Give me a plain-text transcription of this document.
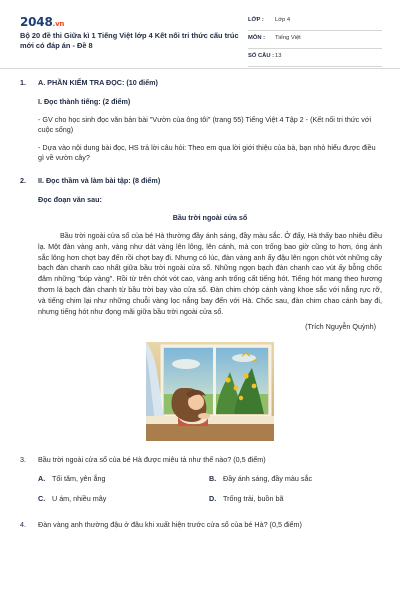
2048.vn
Bộ 20 đề thi Giữa kì 1 Tiếng Việt lớp 4 Kết nối tri thức cấu trúc mới có đáp án - Đề 8
LỚP :	Lớp 4
MÔN :	Tiếng Việt
SỐ CÂU : 13
1.	A. PHẦN KIỂM TRA ĐỌC: (10 điểm)
I. Đọc thành tiếng: (2 điểm)
- GV cho học sinh đọc văn bản bài "Vườn của ông tôi" (trang 55) Tiếng Việt 4 Tập 2 - (Kết nối tri thức với cuộc sống)
- Dựa vào nội dung bài đọc, HS trả lời câu hỏi: Theo em qua lời giới thiệu của bà, bạn nhỏ hiểu được điều gì về vườn cây?
2.	II. Đọc thầm và làm bài tập: (8 điểm)
Đọc đoạn văn sau:
Bầu trời ngoài cửa sổ
Bầu trời ngoài cửa sổ của bé Hà thường đầy ánh sáng, đầy màu sắc. Ở đấy, Hà thấy bao nhiêu điều lạ. Một đàn vàng anh, vàng như dát vàng lên lông, lên cánh, mà con trống bao giờ cũng to hơn, óng ánh sắc lông hơn chợt bay đến rồi chợt bay đi. Nhưng có lúc, đàn vàng anh ấy đậu lên ngọn chót vót những cây bạch đàn chanh cao nhất giữa bầu trời ngoài cửa sổ. Những ngọn bạch đàn chanh cao vút ấy bỗng chốc đâm những "búp vàng". Rồi từ trên chót vót cao, vàng anh trống cất tiếng hót. Tiếng hót mang theo hương thơm lá bạch đàn chanh từ bầu trời bay vào cửa sổ. Đàn chim chớp cánh vàng khoe sắc với nắng rực rỡ, và tiếng chim lại như những chuỗi vàng lọc nắng bay đến với Hà. Chốc sau, đàn chim chao cánh bay đi, nhưng tiếng hót như đọng mãi giữa bầu trời ngoài cửa sổ.
(Trích Nguyễn Quỳnh)
3.	Bầu trời ngoài cửa sổ của bé Hà được miêu tả như thế nào? (0,5 điểm)
A. Tối tăm, yên ắng	B. Đầy ánh sáng, đầy màu sắc
C. U ám, nhiều mây	D. Trống trải, buồn bã
4.	Đàn vàng anh thường đậu ở đâu khi xuất hiện trước cửa sổ của bé Hà? (0,5 điểm)
